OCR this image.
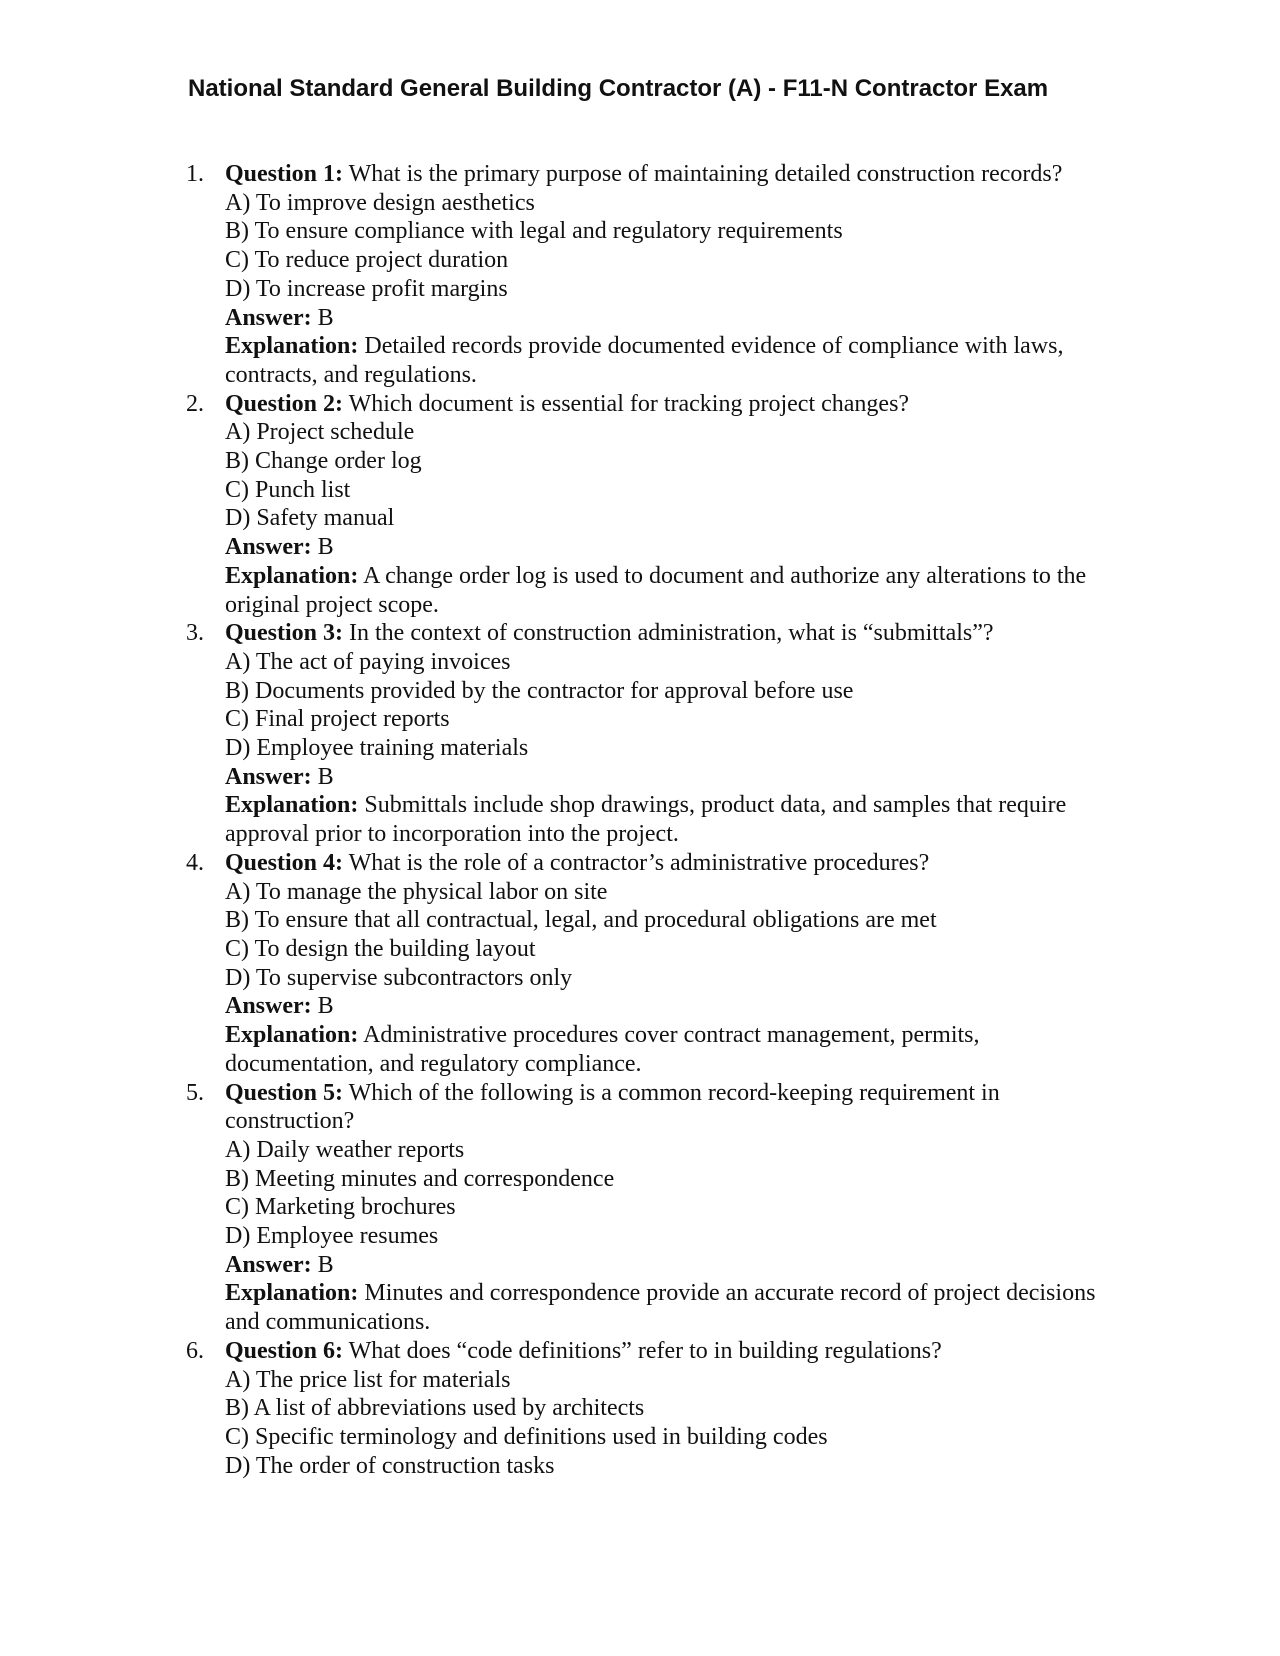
National Standard General Building Contractor (A) - F11-N Contractor Exam
1. Question 1: What is the primary purpose of maintaining detailed construction records?
A) To improve design aesthetics
B) To ensure compliance with legal and regulatory requirements
C) To reduce project duration
D) To increase profit margins
Answer: B
Explanation: Detailed records provide documented evidence of compliance with laws, contracts, and regulations.
2. Question 2: Which document is essential for tracking project changes?
A) Project schedule
B) Change order log
C) Punch list
D) Safety manual
Answer: B
Explanation: A change order log is used to document and authorize any alterations to the original project scope.
3. Question 3: In the context of construction administration, what is “submittals”?
A) The act of paying invoices
B) Documents provided by the contractor for approval before use
C) Final project reports
D) Employee training materials
Answer: B
Explanation: Submittals include shop drawings, product data, and samples that require approval prior to incorporation into the project.
4. Question 4: What is the role of a contractor’s administrative procedures?
A) To manage the physical labor on site
B) To ensure that all contractual, legal, and procedural obligations are met
C) To design the building layout
D) To supervise subcontractors only
Answer: B
Explanation: Administrative procedures cover contract management, permits, documentation, and regulatory compliance.
5. Question 5: Which of the following is a common record-keeping requirement in construction?
A) Daily weather reports
B) Meeting minutes and correspondence
C) Marketing brochures
D) Employee resumes
Answer: B
Explanation: Minutes and correspondence provide an accurate record of project decisions and communications.
6. Question 6: What does “code definitions” refer to in building regulations?
A) The price list for materials
B) A list of abbreviations used by architects
C) Specific terminology and definitions used in building codes
D) The order of construction tasks
